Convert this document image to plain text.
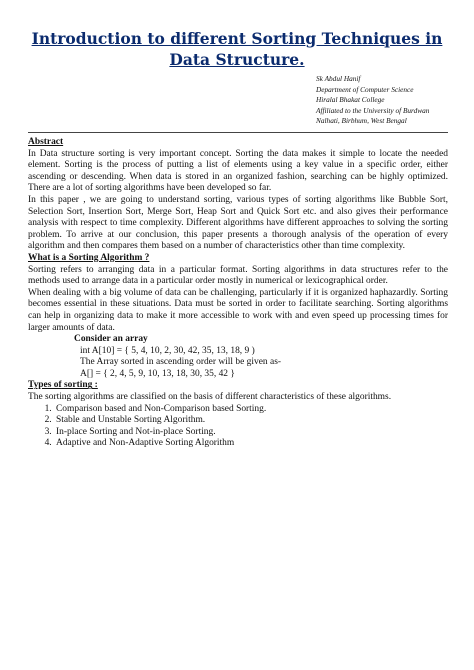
Introduction to different Sorting Techniques in Data Structure.
Sk Abdul Hanif
Department of Computer Science
Hiralal Bhakat College
Affiliated to the University of Burdwan
Nalhati, Birbhum, West Bengal

Abstract

In Data structure sorting is very important concept. Sorting the data makes it simple to locate the needed element. Sorting is the process of putting a list of elements using a key value in a specific order, either ascending or descending. When data is stored in an organized fashion, searching can be highly optimized. There are a lot of sorting algorithms have been developed so far.

In this paper , we are going to understand sorting, various types of sorting algorithms like Bubble Sort, Selection Sort, Insertion Sort, Merge Sort, Heap Sort and Quick Sort etc. and also gives their performance analysis with respect to time complexity. Different algorithms have different approaches to solving the sorting problem. To arrive at our conclusion, this paper presents a thorough analysis of the operation of every algorithm and then compares them based on a number of characteristics other than time complexity.

What is a Sorting Algorithm ?

Sorting refers to arranging data in a particular format. Sorting algorithms in data structures refer to the methods used to arrange data in a particular order mostly in numerical or lexicographical order.

When dealing with a big volume of data can be challenging, particularly if it is organized haphazardly. Sorting becomes essential in these situations. Data must be sorted in order to facilitate searching. Sorting algorithms can help in organizing data to make it more accessible to work with and even speed up processing times for larger amounts of data.

Consider an array
int A[10] = { 5, 4, 10, 2, 30, 42, 35, 13, 18, 9 )
The Array sorted in ascending order will be given as-
A[] = { 2, 4, 5, 9, 10, 13, 18, 30, 35, 42 }

Types of sorting :

The sorting algorithms are classified on the basis of different characteristics of these algorithms.

1. Comparison based and Non-Comparison based Sorting.
2. Stable and Unstable Sorting Algorithm.
3. In-place Sorting and Not-in-place Sorting.
4. Adaptive and Non-Adaptive Sorting Algorithm
